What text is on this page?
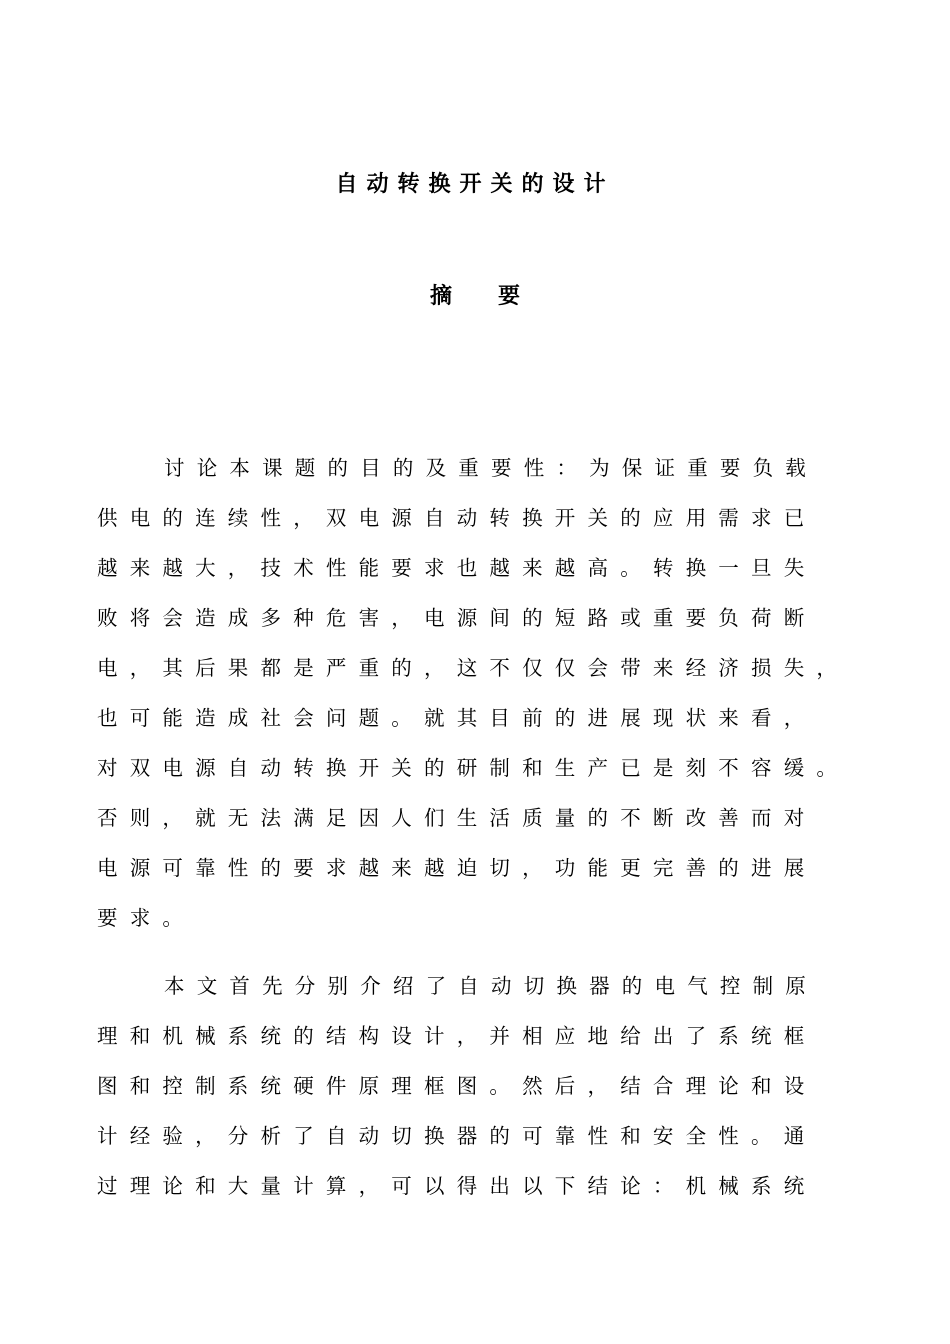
自动转换开关的设计
摘 要
讨论本课题的目的及重要性：为保证重要负载
供电的连续性，双电源自动转换开关的应用需求已
越来越大，技术性能要求也越来越高。转换一旦失
败将会造成多种危害，电源间的短路或重要负荷断
电，其后果都是严重的，这不仅仅会带来经济损失，
也可能造成社会问题。就其目前的进展现状来看，
对双电源自动转换开关的研制和生产已是刻不容缓。
否则，就无法满足因人们生活质量的不断改善而对
电源可靠性的要求越来越迫切，功能更完善的进展
要求。
本文首先分别介绍了自动切换器的电气控制原
理和机械系统的结构设计，并相应地给出了系统框
图和控制系统硬件原理框图。然后，结合理论和设
计经验，分析了自动切换器的可靠性和安全性。通
过理论和大量计算，可以得出以下结论：机械系统
